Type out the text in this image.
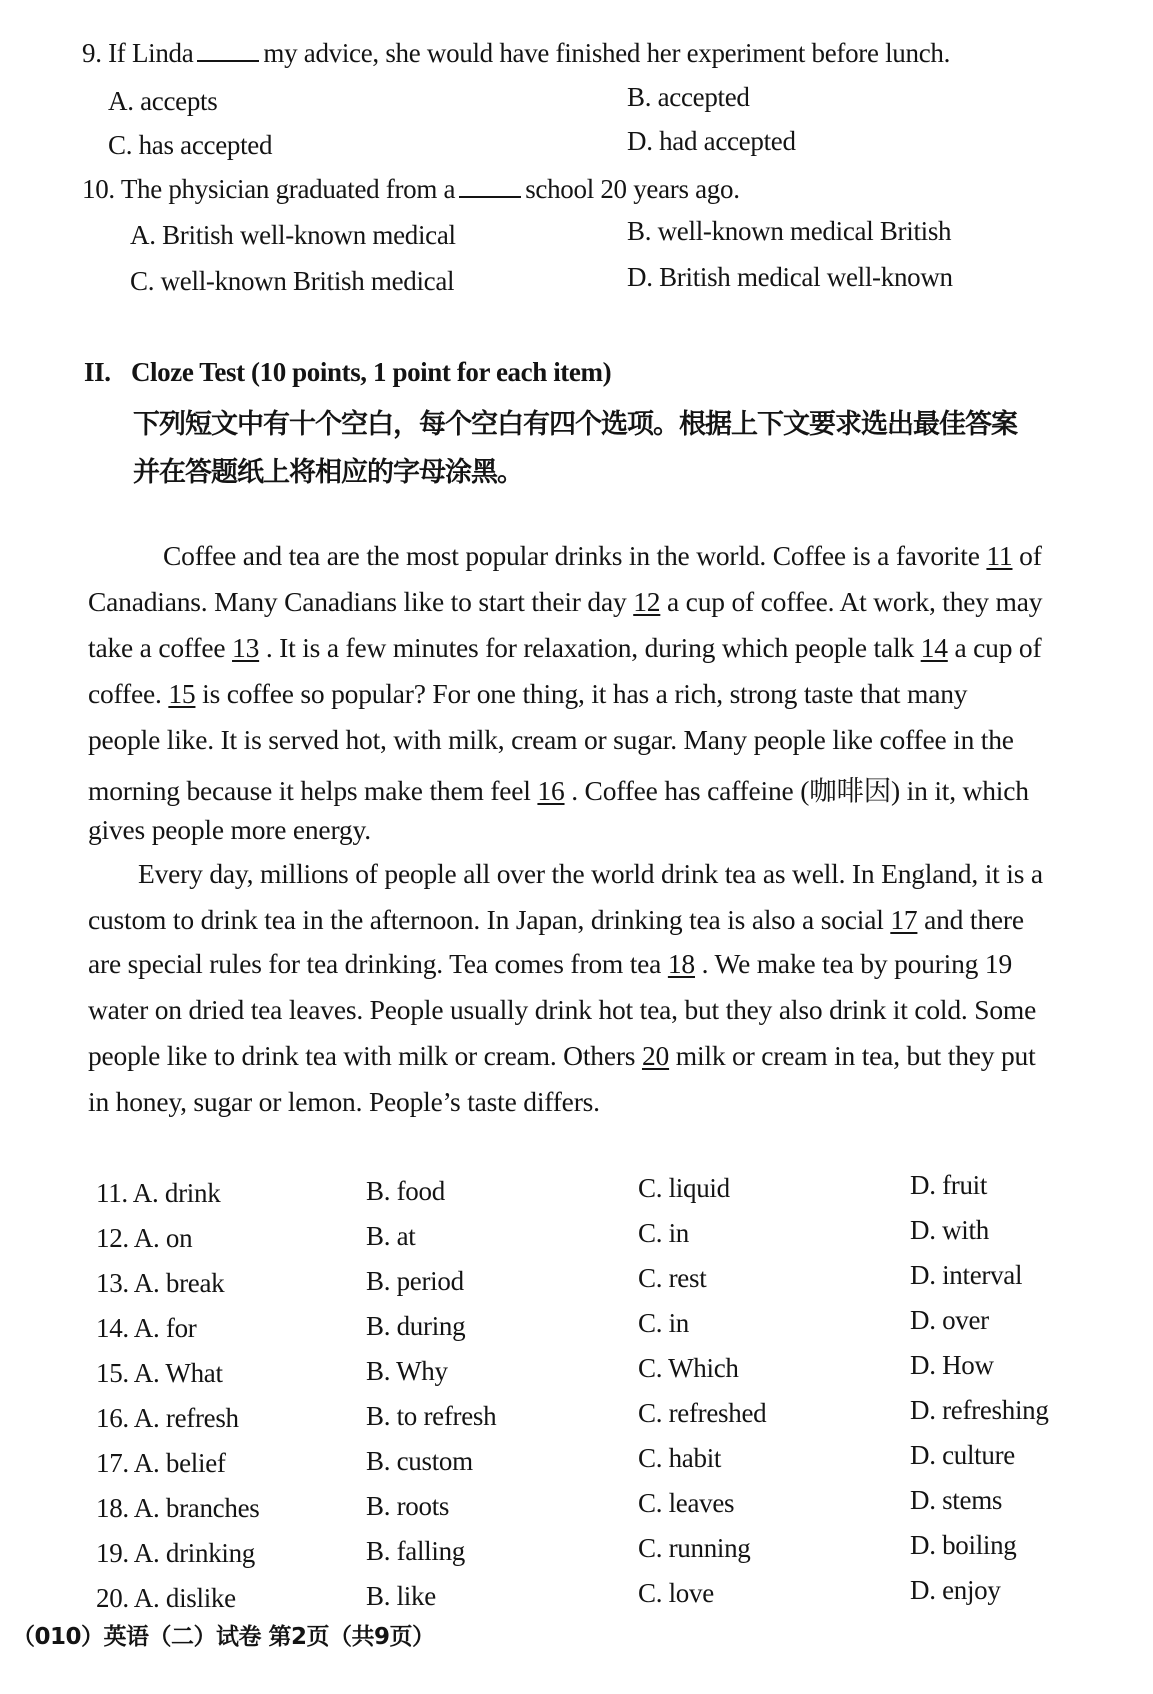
9. If Linda	my advice, she would have finished her experiment before lunch.
A. accepts	B. accepted
C. has accepted	D. had accepted
10. The physician graduated from a	school 20 years ago.
A. British well-known medical	B. well-known medical British
C. well-known British medical	D. British medical well-known
II. Cloze Test (10 points, 1 point for each item)
下列短文中有十个空白，每个空白有四个选项。根据上下文要求选出最佳答案
并在答题纸上将相应的字母涂黑。
Coffee and tea are the most popular drinks in the world. Coffee is a favorite 11 of
Canadians. Many Canadians like to start their day 12 a cup of coffee. At work, they may
take a coffee 13 . It is a few minutes for relaxation, during which people talk 14 a cup of
coffee. 15 is coffee so popular? For one thing, it has a rich, strong taste that many
people like. It is served hot, with milk, cream or sugar. Many people like coffee in the
morning because it helps make them feel 16 . Coffee has caffeine (咖啡因) in it, which
gives people more energy.
Every day, millions of people all over the world drink tea as well. In England, it is a
custom to drink tea in the afternoon. In Japan, drinking tea is also a social 17 and there
are special rules for tea drinking. Tea comes from tea 18 . We make tea by pouring 19
water on dried tea leaves. People usually drink hot tea, but they also drink it cold. Some
people like to drink tea with milk or cream. Others 20 milk or cream in tea, but they put
in honey, sugar or lemon. People’s taste differs.
11. A. drink	B. food	C. liquid	D. fruit
12. A. on	B. at	C. in	D. with
13. A. break	B. period	C. rest	D. interval
14. A. for	B. during	C. in	D. over
15. A. What	B. Why	C. Which	D. How
16. A. refresh	B. to refresh	C. refreshed	D. refreshing
17. A. belief	B. custom	C. habit	D. culture
18. A. branches	B. roots	C. leaves	D. stems
19. A. drinking	B. falling	C. running	D. boiling
20. A. dislike	B. like	C. love	D. enjoy
（010）英语（二）试卷 第2页（共9页）
